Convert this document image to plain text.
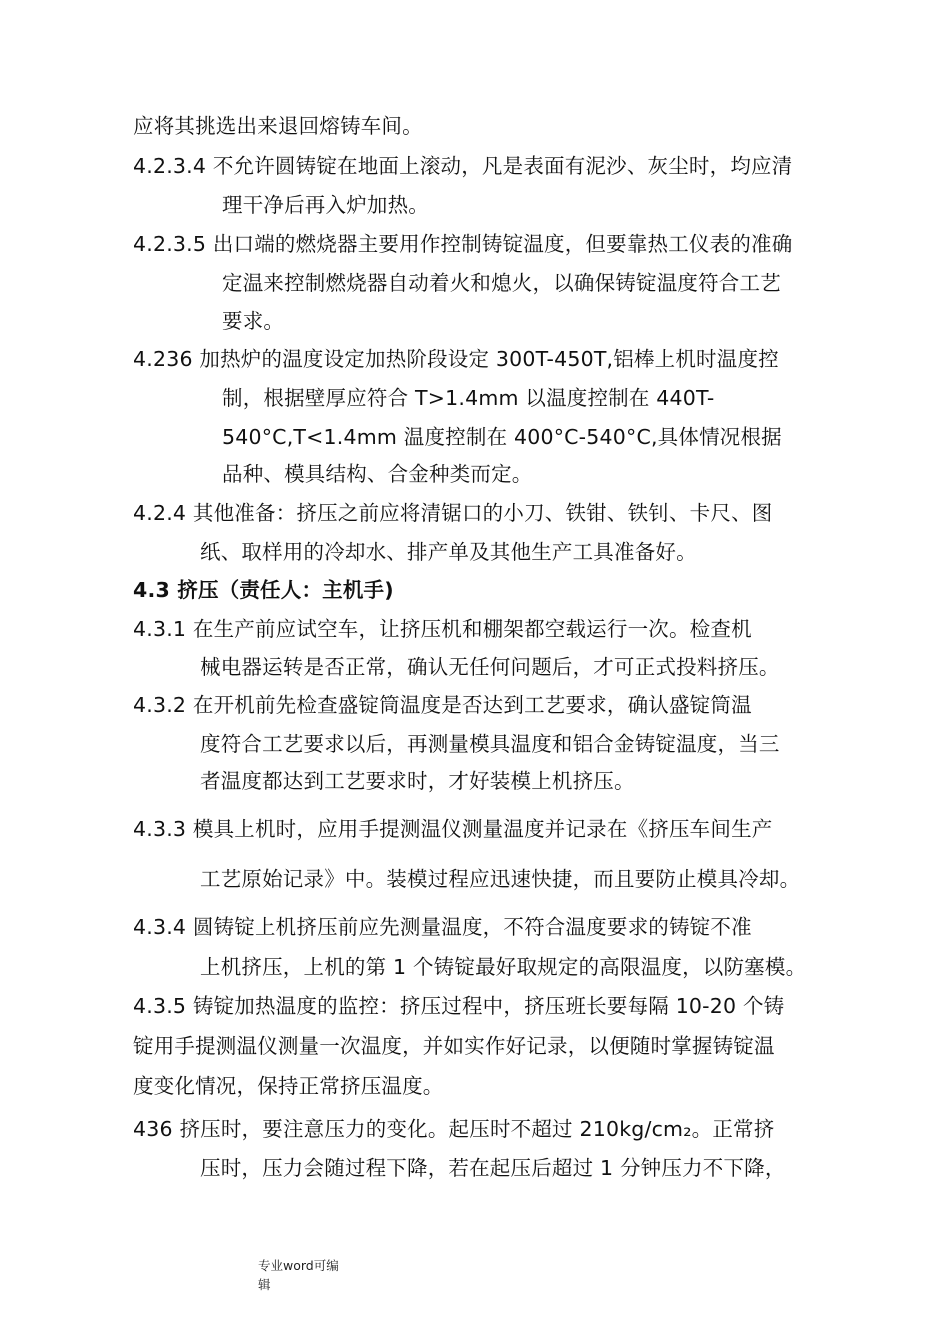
应将其挑选出来退回熔铸车间。
4.2.3.4 不允许圆铸锭在地面上滚动，凡是表面有泥沙、灰尘时，均应清
理干净后再入炉加热。
4.2.3.5 出口端的燃烧器主要用作控制铸锭温度，但要靠热工仪表的准确
定温来控制燃烧器自动着火和熄火，以确保铸锭温度符合工艺
要求。
4.236 加热炉的温度设定加热阶段设定 300T-450T,铝棒上机时温度控
制，根据壁厚应符合 T>1.4mm 以温度控制在 440T-
540°C,T<1.4mm 温度控制在 400°C-540°C,具体情况根据
品种、模具结构、合金种类而定。
4.2.4 其他准备：挤压之前应将清锯口的小刀、铁钳、铁钊、卡尺、图
纸、取样用的冷却水、排产单及其他生产工具准备好。
4.3 挤压（责任人：主机手)
4.3.1 在生产前应试空车，让挤压机和棚架都空载运行一次。检查机
械电器运转是否正常，确认无任何问题后，才可正式投料挤压。
4.3.2 在开机前先检查盛锭筒温度是否达到工艺要求，确认盛锭筒温
度符合工艺要求以后，再测量模具温度和铝合金铸锭温度，当三
者温度都达到工艺要求时，才好装模上机挤压。
4.3.3 模具上机时，应用手提测温仪测量温度并记录在《挤压车间生产
工艺原始记录》中。装模过程应迅速快捷，而且要防止模具冷却。
4.3.4 圆铸锭上机挤压前应先测量温度，不符合温度要求的铸锭不准
上机挤压，上机的第 1 个铸锭最好取规定的高限温度，以防塞模。
4.3.5 铸锭加热温度的监控：挤压过程中，挤压班长要每隔 10-20 个铸
锭用手提测温仪测量一次温度，并如实作好记录，以便随时掌握铸锭温
度变化情况，保持正常挤压温度。
436 挤压时，要注意压力的变化。起压时不超过 210kg/cm₂。正常挤
压时，压力会随过程下降，若在起压后超过 1 分钟压力不下降，
专业word可编
辑
